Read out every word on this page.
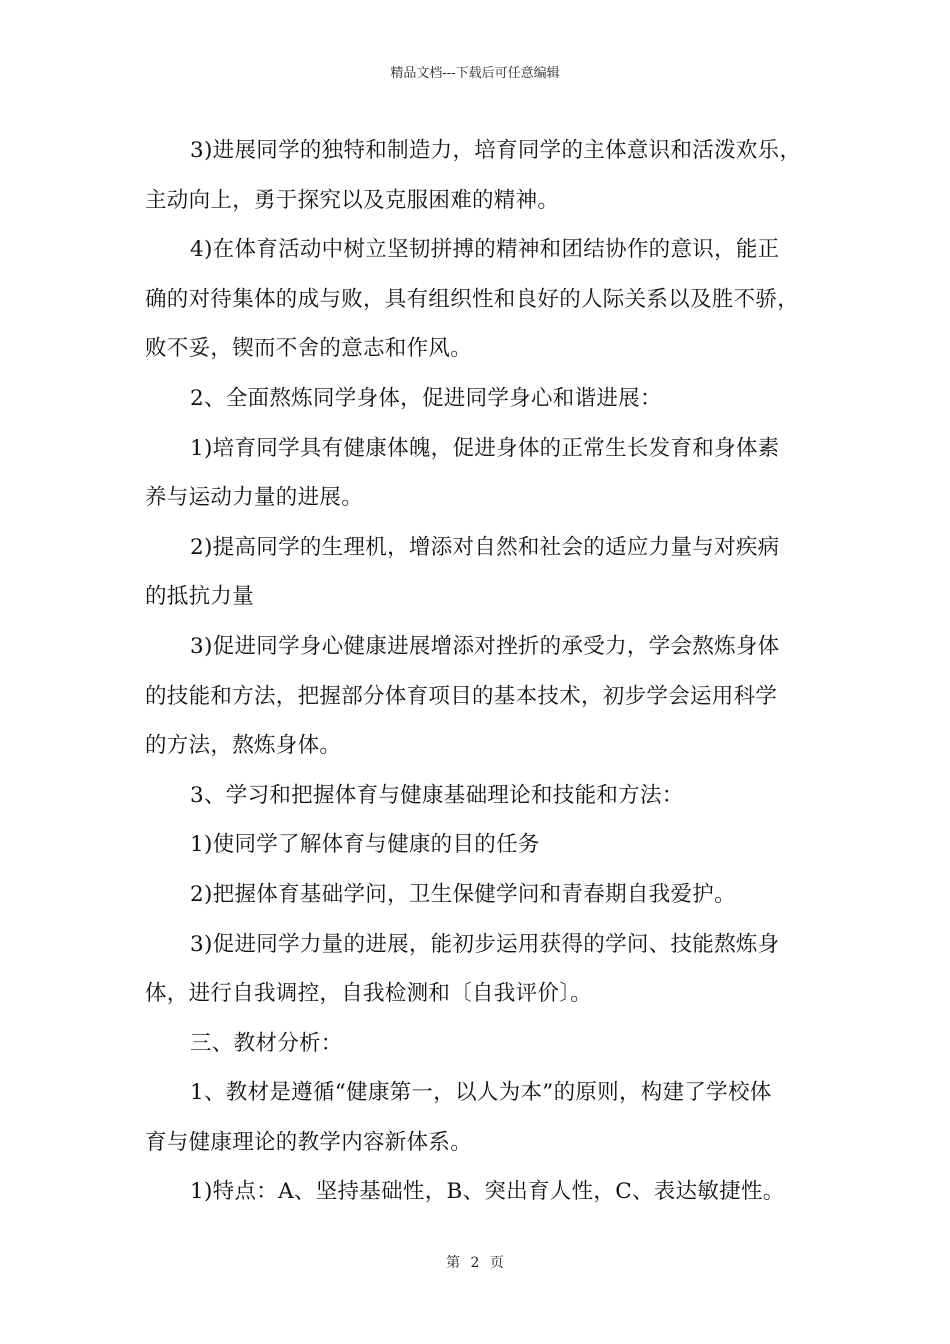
精品文档---下载后可任意编辑

3)进展同学的独特和制造力，培育同学的主体意识和活泼欢乐，
主动向上，勇于探究以及克服困难的精神。

4)在体育活动中树立坚韧拼搏的精神和团结协作的意识，能正
确的对待集体的成与败，具有组织性和良好的人际关系以及胜不骄，
败不妥，锲而不舍的意志和作风。

2、全面熬炼同学身体，促进同学身心和谐进展：

1)培育同学具有健康体魄，促进身体的正常生长发育和身体素
养与运动力量的进展。

2)提高同学的生理机，增添对自然和社会的适应力量与对疾病
的抵抗力量

3)促进同学身心健康进展增添对挫折的承受力，学会熬炼身体
的技能和方法，把握部分体育项目的基本技术，初步学会运用科学
的方法，熬炼身体。

3、学习和把握体育与健康基础理论和技能和方法：

1)使同学了解体育与健康的目的任务

2)把握体育基础学问，卫生保健学问和青春期自我爱护。

3)促进同学力量的进展，能初步运用获得的学问、技能熬炼身
体，进行自我调控，自我检测和〔自我评价〕。

三、教材分析：

1、教材是遵循“健康第一，以人为本”的原则，构建了学校体
育与健康理论的教学内容新体系。

1)特点：A、坚持基础性，B、突出育人性，C、表达敏捷性。

第 2 页
